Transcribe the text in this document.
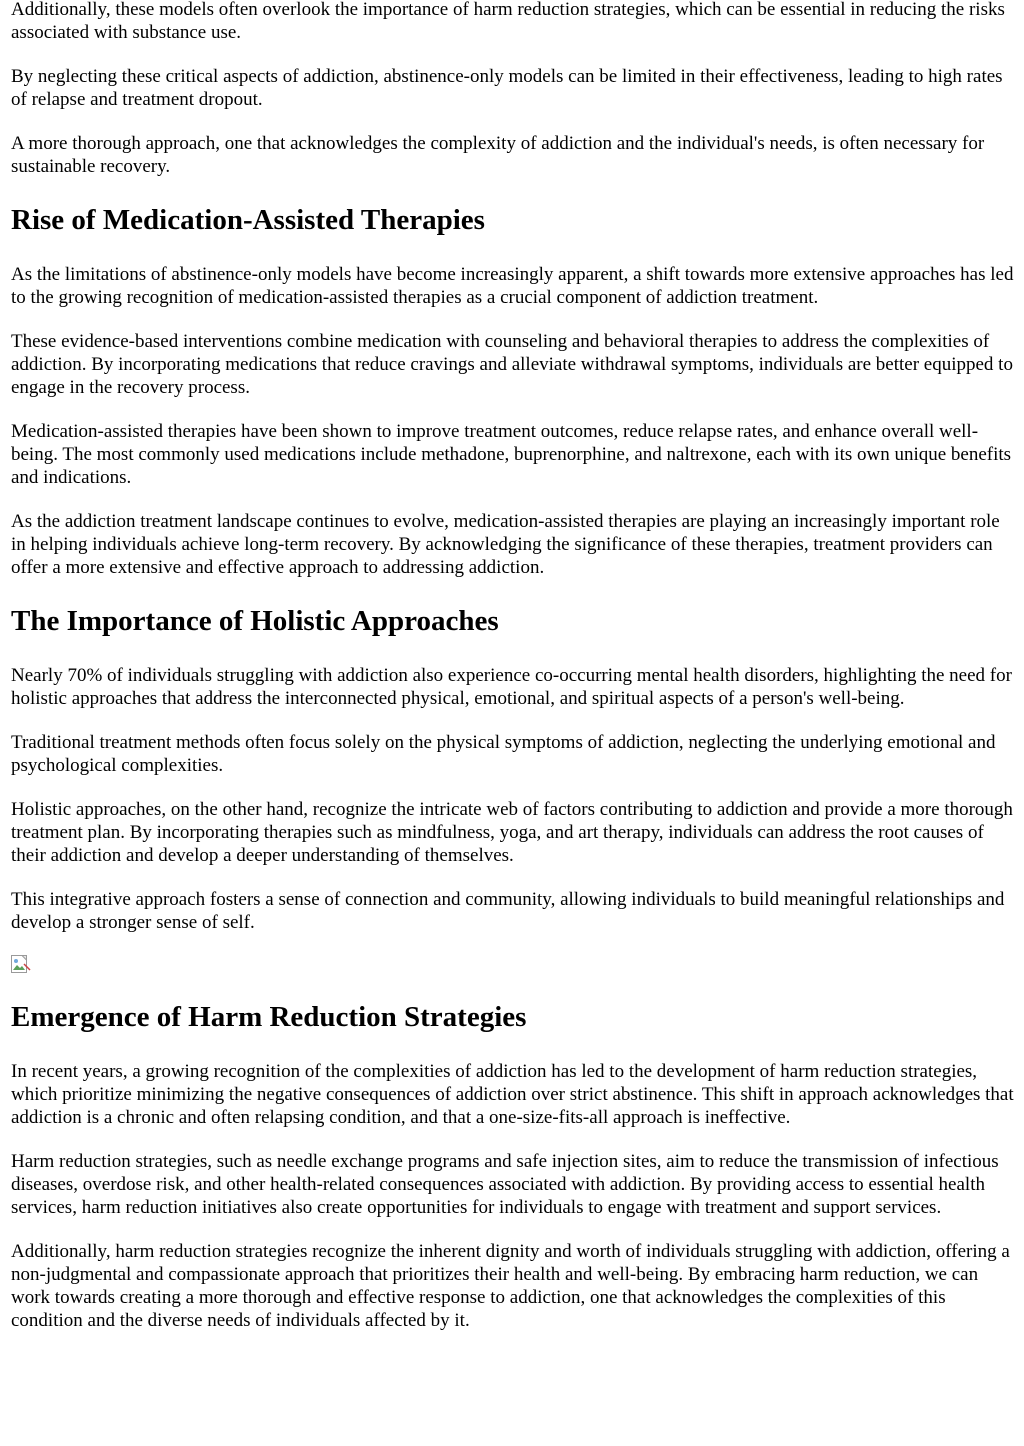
Additionally, these models often overlook the importance of harm reduction strategies, which can be essential in reducing the risks associated with substance use.

By neglecting these critical aspects of addiction, abstinence-only models can be limited in their effectiveness, leading to high rates of relapse and treatment dropout.

A more thorough approach, one that acknowledges the complexity of addiction and the individual's needs, is often necessary for sustainable recovery.

Rise of Medication-Assisted Therapies

As the limitations of abstinence-only models have become increasingly apparent, a shift towards more extensive approaches has led to the growing recognition of medication-assisted therapies as a crucial component of addiction treatment.

These evidence-based interventions combine medication with counseling and behavioral therapies to address the complexities of addiction. By incorporating medications that reduce cravings and alleviate withdrawal symptoms, individuals are better equipped to engage in the recovery process.

Medication-assisted therapies have been shown to improve treatment outcomes, reduce relapse rates, and enhance overall well-being. The most commonly used medications include methadone, buprenorphine, and naltrexone, each with its own unique benefits and indications.

As the addiction treatment landscape continues to evolve, medication-assisted therapies are playing an increasingly important role in helping individuals achieve long-term recovery. By acknowledging the significance of these therapies, treatment providers can offer a more extensive and effective approach to addressing addiction.

The Importance of Holistic Approaches

Nearly 70% of individuals struggling with addiction also experience co-occurring mental health disorders, highlighting the need for holistic approaches that address the interconnected physical, emotional, and spiritual aspects of a person's well-being.

Traditional treatment methods often focus solely on the physical symptoms of addiction, neglecting the underlying emotional and psychological complexities.

Holistic approaches, on the other hand, recognize the intricate web of factors contributing to addiction and provide a more thorough treatment plan. By incorporating therapies such as mindfulness, yoga, and art therapy, individuals can address the root causes of their addiction and develop a deeper understanding of themselves.

This integrative approach fosters a sense of connection and community, allowing individuals to build meaningful relationships and develop a stronger sense of self.

Emergence of Harm Reduction Strategies

In recent years, a growing recognition of the complexities of addiction has led to the development of harm reduction strategies, which prioritize minimizing the negative consequences of addiction over strict abstinence. This shift in approach acknowledges that addiction is a chronic and often relapsing condition, and that a one-size-fits-all approach is ineffective.

Harm reduction strategies, such as needle exchange programs and safe injection sites, aim to reduce the transmission of infectious diseases, overdose risk, and other health-related consequences associated with addiction. By providing access to essential health services, harm reduction initiatives also create opportunities for individuals to engage with treatment and support services.

Additionally, harm reduction strategies recognize the inherent dignity and worth of individuals struggling with addiction, offering a non-judgmental and compassionate approach that prioritizes their health and well-being. By embracing harm reduction, we can work towards creating a more thorough and effective response to addiction, one that acknowledges the complexities of this condition and the diverse needs of individuals affected by it.
